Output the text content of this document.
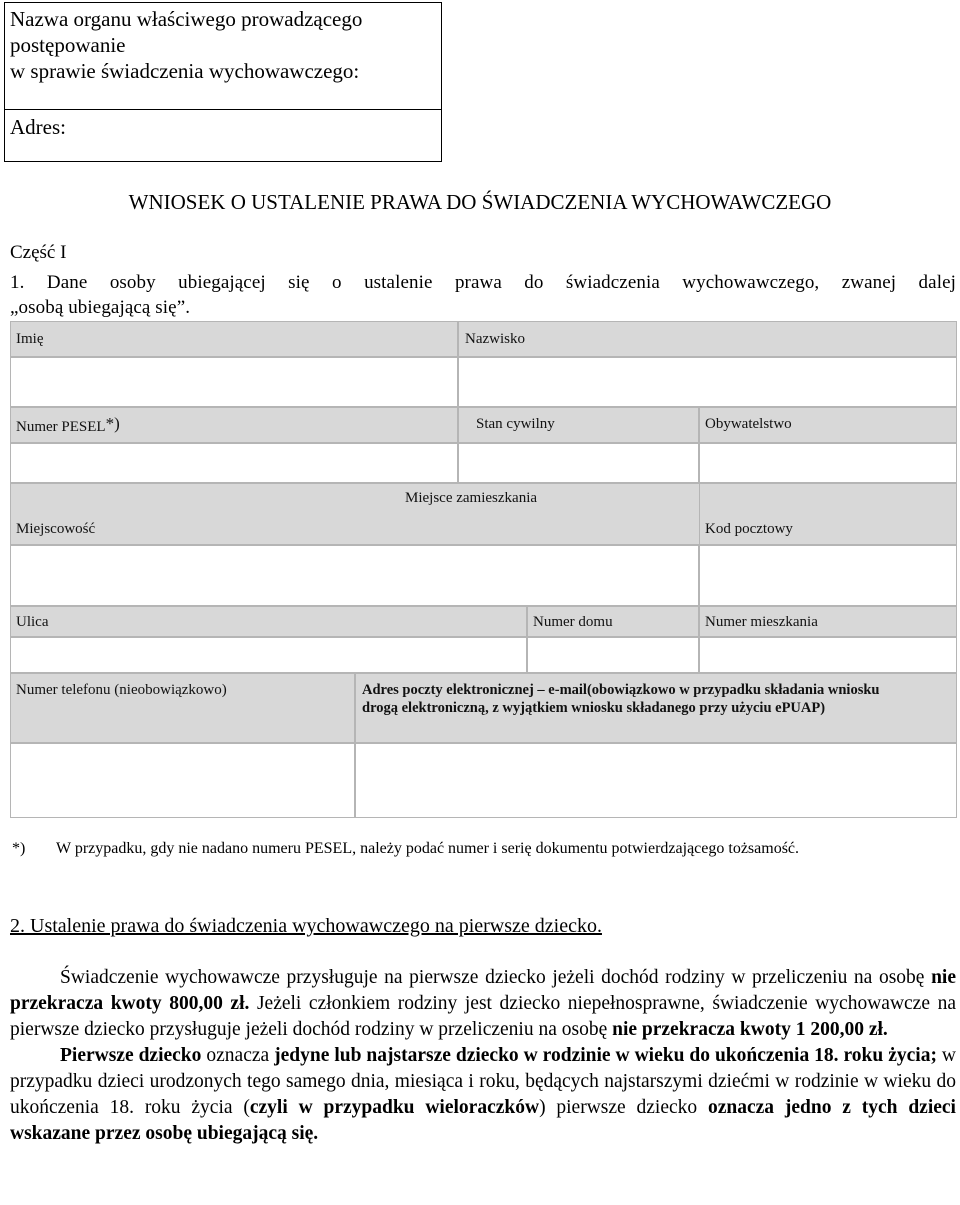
Nazwa organu właściwego prowadzącego
postępowanie
w sprawie świadczenia wychowawczego:
Adres:
WNIOSEK O USTALENIE PRAWA DO ŚWIADCZENIA WYCHOWAWCZEGO
Część I
1. Dane osoby ubiegającej się o ustalenie prawa do świadczenia wychowawczego, zwanej dalej
„osobą ubiegającą się”.
Imię	Nazwisko
Numer PESEL*)	Stan cywilny	Obywatelstwo
Miejsce zamieszkania
Miejscowość	Kod pocztowy
Ulica	Numer domu	Numer mieszkania
Numer telefonu (nieobowiązkowo)	Adres poczty elektronicznej – e-mail(obowiązkowo w przypadku składania wniosku drogą elektroniczną, z wyjątkiem wniosku składanego przy użyciu ePUAP)
*) W przypadku, gdy nie nadano numeru PESEL, należy podać numer i serię dokumentu potwierdzającego tożsamość.
2. Ustalenie prawa do świadczenia wychowawczego na pierwsze dziecko.

Świadczenie wychowawcze przysługuje na pierwsze dziecko jeżeli dochód rodziny w przeliczeniu na osobę nie przekracza kwoty 800,00 zł. Jeżeli członkiem rodziny jest dziecko niepełnosprawne, świadczenie wychowawcze na pierwsze dziecko przysługuje jeżeli dochód rodziny w przeliczeniu na osobę nie przekracza kwoty 1 200,00 zł.

Pierwsze dziecko oznacza jedyne lub najstarsze dziecko w rodzinie w wieku do ukończenia 18. roku życia; w przypadku dzieci urodzonych tego samego dnia, miesiąca i roku, będących najstarszymi dziećmi w rodzinie w wieku do ukończenia 18. roku życia (czyli w przypadku wieloraczków) pierwsze dziecko oznacza jedno z tych dzieci wskazane przez osobę ubiegającą się.
